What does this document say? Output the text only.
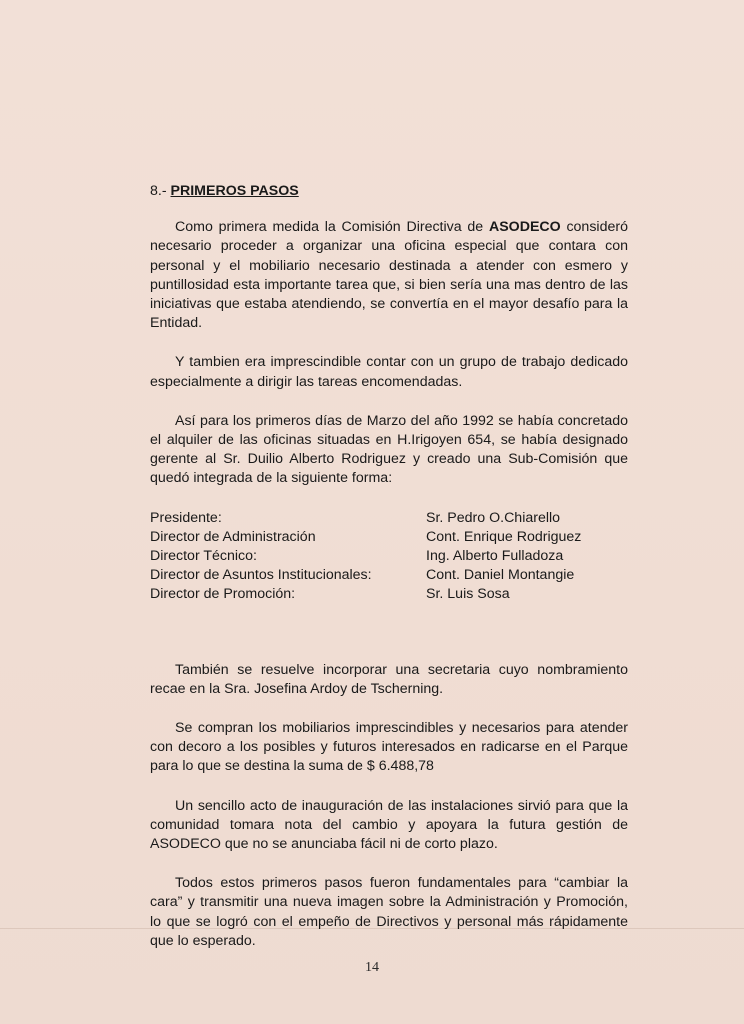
8.- PRIMEROS PASOS

Como primera medida la Comisión Directiva de ASODECO consideró necesario proceder a organizar una oficina especial que contara con personal y el mobiliario necesario destinada a atender con esmero y puntillosidad esta importante tarea que, si bien sería una mas dentro de las iniciativas que estaba atendiendo, se convertía en el mayor desafío para la Entidad.

Y tambien era imprescindible contar con un grupo de trabajo dedicado especialmente a dirigir las tareas encomendadas.

Así para los primeros días de Marzo del año 1992 se había concretado el alquiler de las oficinas situadas en H.Irigoyen 654, se había designado gerente al Sr. Duilio Alberto Rodriguez y creado una Sub-Comisión que quedó integrada de la siguiente forma:

Presidente:	Sr. Pedro O.Chiarello
Director de Administración	Cont. Enrique Rodriguez
Director Técnico:	Ing. Alberto Fulladoza
Director de Asuntos Institucionales:	Cont. Daniel Montangie
Director de Promoción:	Sr. Luis Sosa

También se resuelve incorporar una secretaria cuyo nombramiento recae en la Sra. Josefina Ardoy de Tscherning.

Se compran los mobiliarios imprescindibles y necesarios para atender con decoro a los posibles y futuros interesados en radicarse en el Parque para lo que se destina la suma de $ 6.488,78

Un sencillo acto de inauguración de las instalaciones sirvió para que la comunidad tomara nota del cambio y apoyara la futura gestión de ASODECO que no se anunciaba fácil ni de corto plazo.

Todos estos primeros pasos fueron fundamentales para “cambiar la cara” y transmitir una nueva imagen sobre la Administración y Promoción, lo que se logró con el empeño de Directivos y personal más rápidamente que lo esperado.

14
